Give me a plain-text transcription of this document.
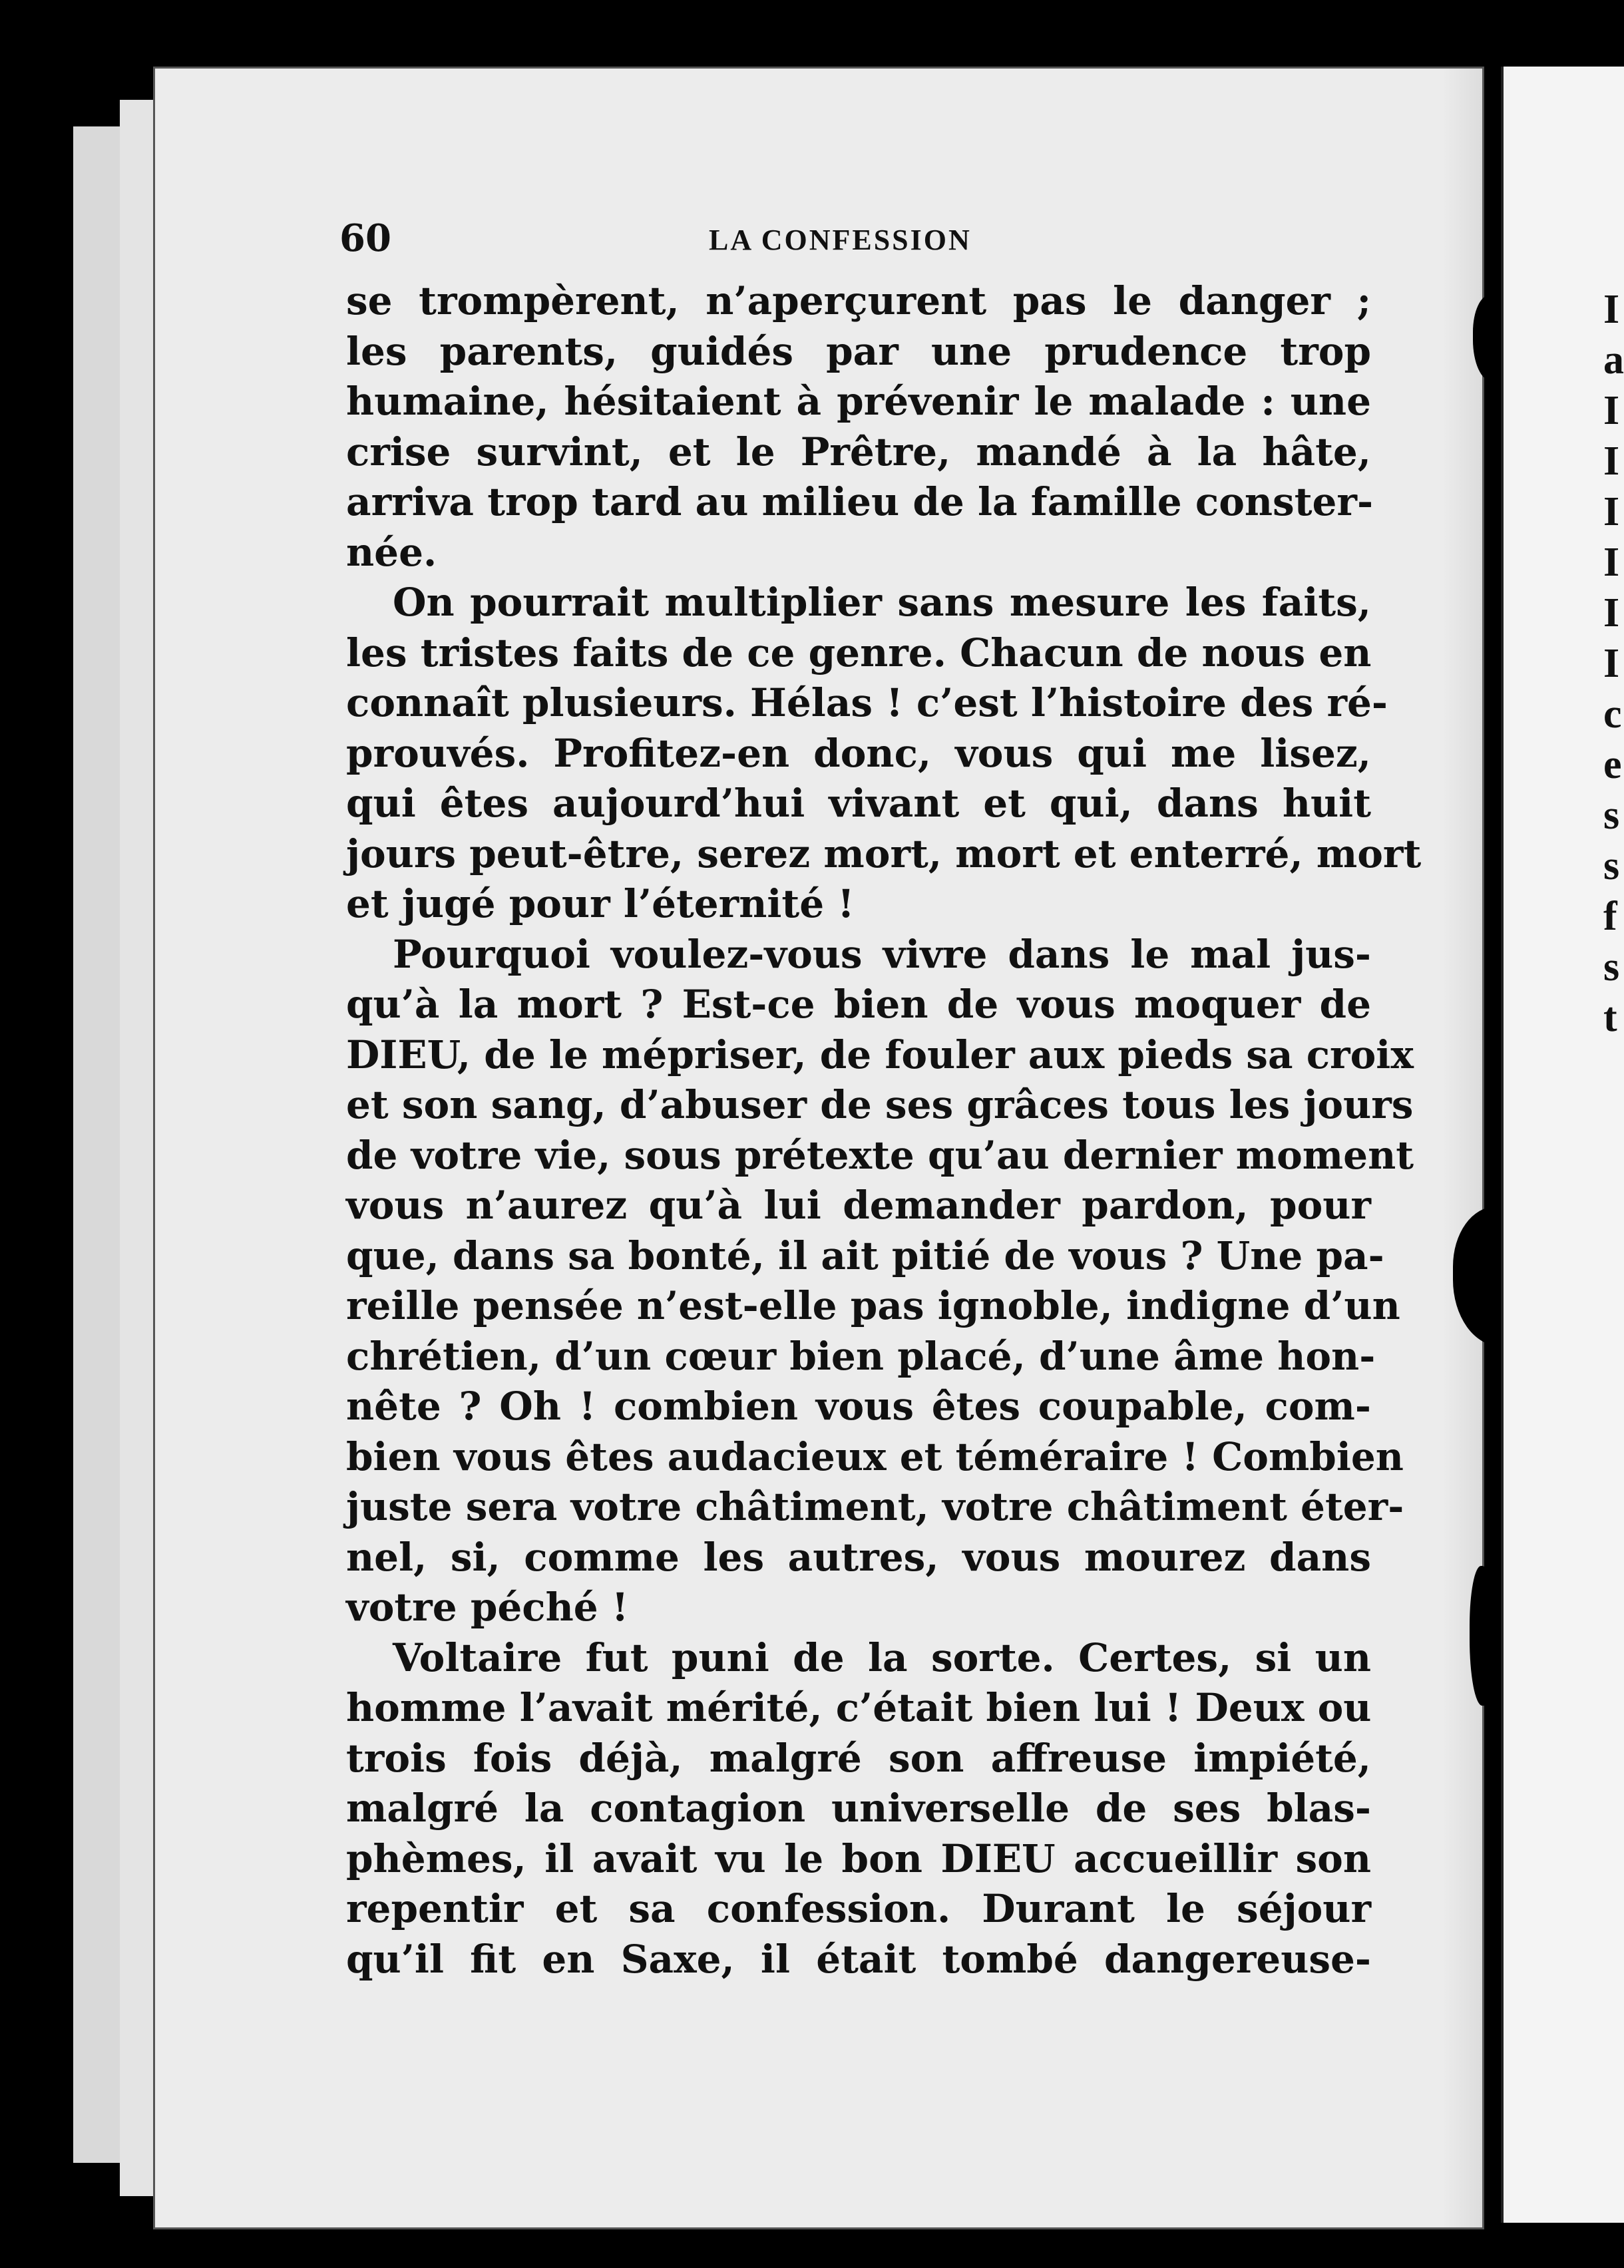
I
a
I
I
I
I
I
I
c
e
s
s
f
s
t
60	LA CONFESSION
se trompèrent, n’aperçurent pas le danger ;
les parents, guidés par une prudence trop
humaine, hésitaient à prévenir le malade : une
crise survint, et le Prêtre, mandé à la hâte,
arriva trop tard au milieu de la famille conster-
née.
On pourrait multiplier sans mesure les faits,
les tristes faits de ce genre. Chacun de nous en
connaît plusieurs. Hélas ! c’est l’histoire des ré-
prouvés. Profitez-en donc, vous qui me lisez,
qui êtes aujourd’hui vivant et qui, dans huit
jours peut-être, serez mort, mort et enterré, mort
et jugé pour l’éternité !
Pourquoi voulez-vous vivre dans le mal jus-
qu’à la mort ? Est-ce bien de vous moquer de
DIEU, de le mépriser, de fouler aux pieds sa croix
et son sang, d’abuser de ses grâces tous les jours
de votre vie, sous prétexte qu’au dernier moment
vous n’aurez qu’à lui demander pardon, pour
que, dans sa bonté, il ait pitié de vous ? Une pa-
reille pensée n’est-elle pas ignoble, indigne d’un
chrétien, d’un cœur bien placé, d’une âme hon-
nête ? Oh ! combien vous êtes coupable, com-
bien vous êtes audacieux et téméraire ! Combien
juste sera votre châtiment, votre châtiment éter-
nel, si, comme les autres, vous mourez dans
votre péché !
Voltaire fut puni de la sorte. Certes, si un
homme l’avait mérité, c’était bien lui ! Deux ou
trois fois déjà, malgré son affreuse impiété,
malgré la contagion universelle de ses blas-
phèmes, il avait vu le bon DIEU accueillir son
repentir et sa confession. Durant le séjour
qu’il fit en Saxe, il était tombé dangereuse-
